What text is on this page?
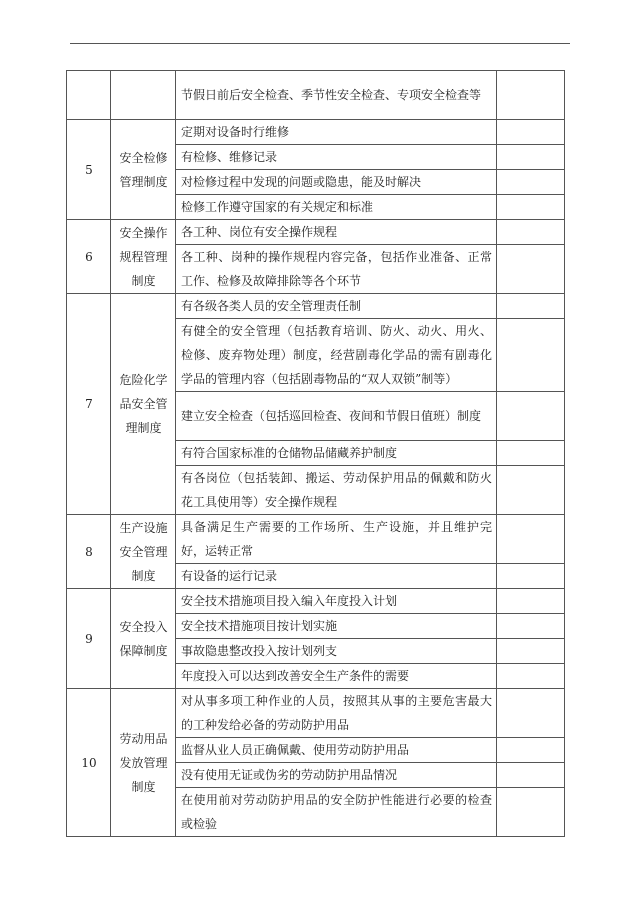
		节假日前后安全检查、季节性安全检查、专项安全检查等	
5	安全检修管理制度	定期对设备时行维修	
		有检修、维修记录	
		对检修过程中发现的问题或隐患，能及时解决	
		检修工作遵守国家的有关规定和标准	
6	安全操作规程管理制度	各工种、岗位有安全操作规程	
		各工种、岗种的操作规程内容完备，包括作业准备、正常工作、检修及故障排除等各个环节	
7	危险化学品安全管理制度	有各级各类人员的安全管理责任制	
		有健全的安全管理（包括教育培训、防火、动火、用火、检修、废弃物处理）制度，经营剧毒化学品的需有剧毒化学品的管理内容（包括剧毒物品的“双人双锁”制等）	
		建立安全检查（包括巡回检查、夜间和节假日值班）制度	
		有符合国家标准的仓储物品储藏养护制度	
		有各岗位（包括装卸、搬运、劳动保护用品的佩戴和防火花工具使用等）安全操作规程	
8	生产设施安全管理制度	具备满足生产需要的工作场所、生产设施，并且维护完好，运转正常	
		有设备的运行记录	
9	安全投入保障制度	安全技术措施项目投入编入年度投入计划	
		安全技术措施项目按计划实施	
		事故隐患整改投入按计划列支	
		年度投入可以达到改善安全生产条件的需要	
10	劳动用品发放管理制度	对从事多项工种作业的人员，按照其从事的主要危害最大的工种发给必备的劳动防护用品	
		监督从业人员正确佩戴、使用劳动防护用品	
		没有使用无证或伪劣的劳动防护用品情况	
		在使用前对劳动防护用品的安全防护性能进行必要的检查或检验	
